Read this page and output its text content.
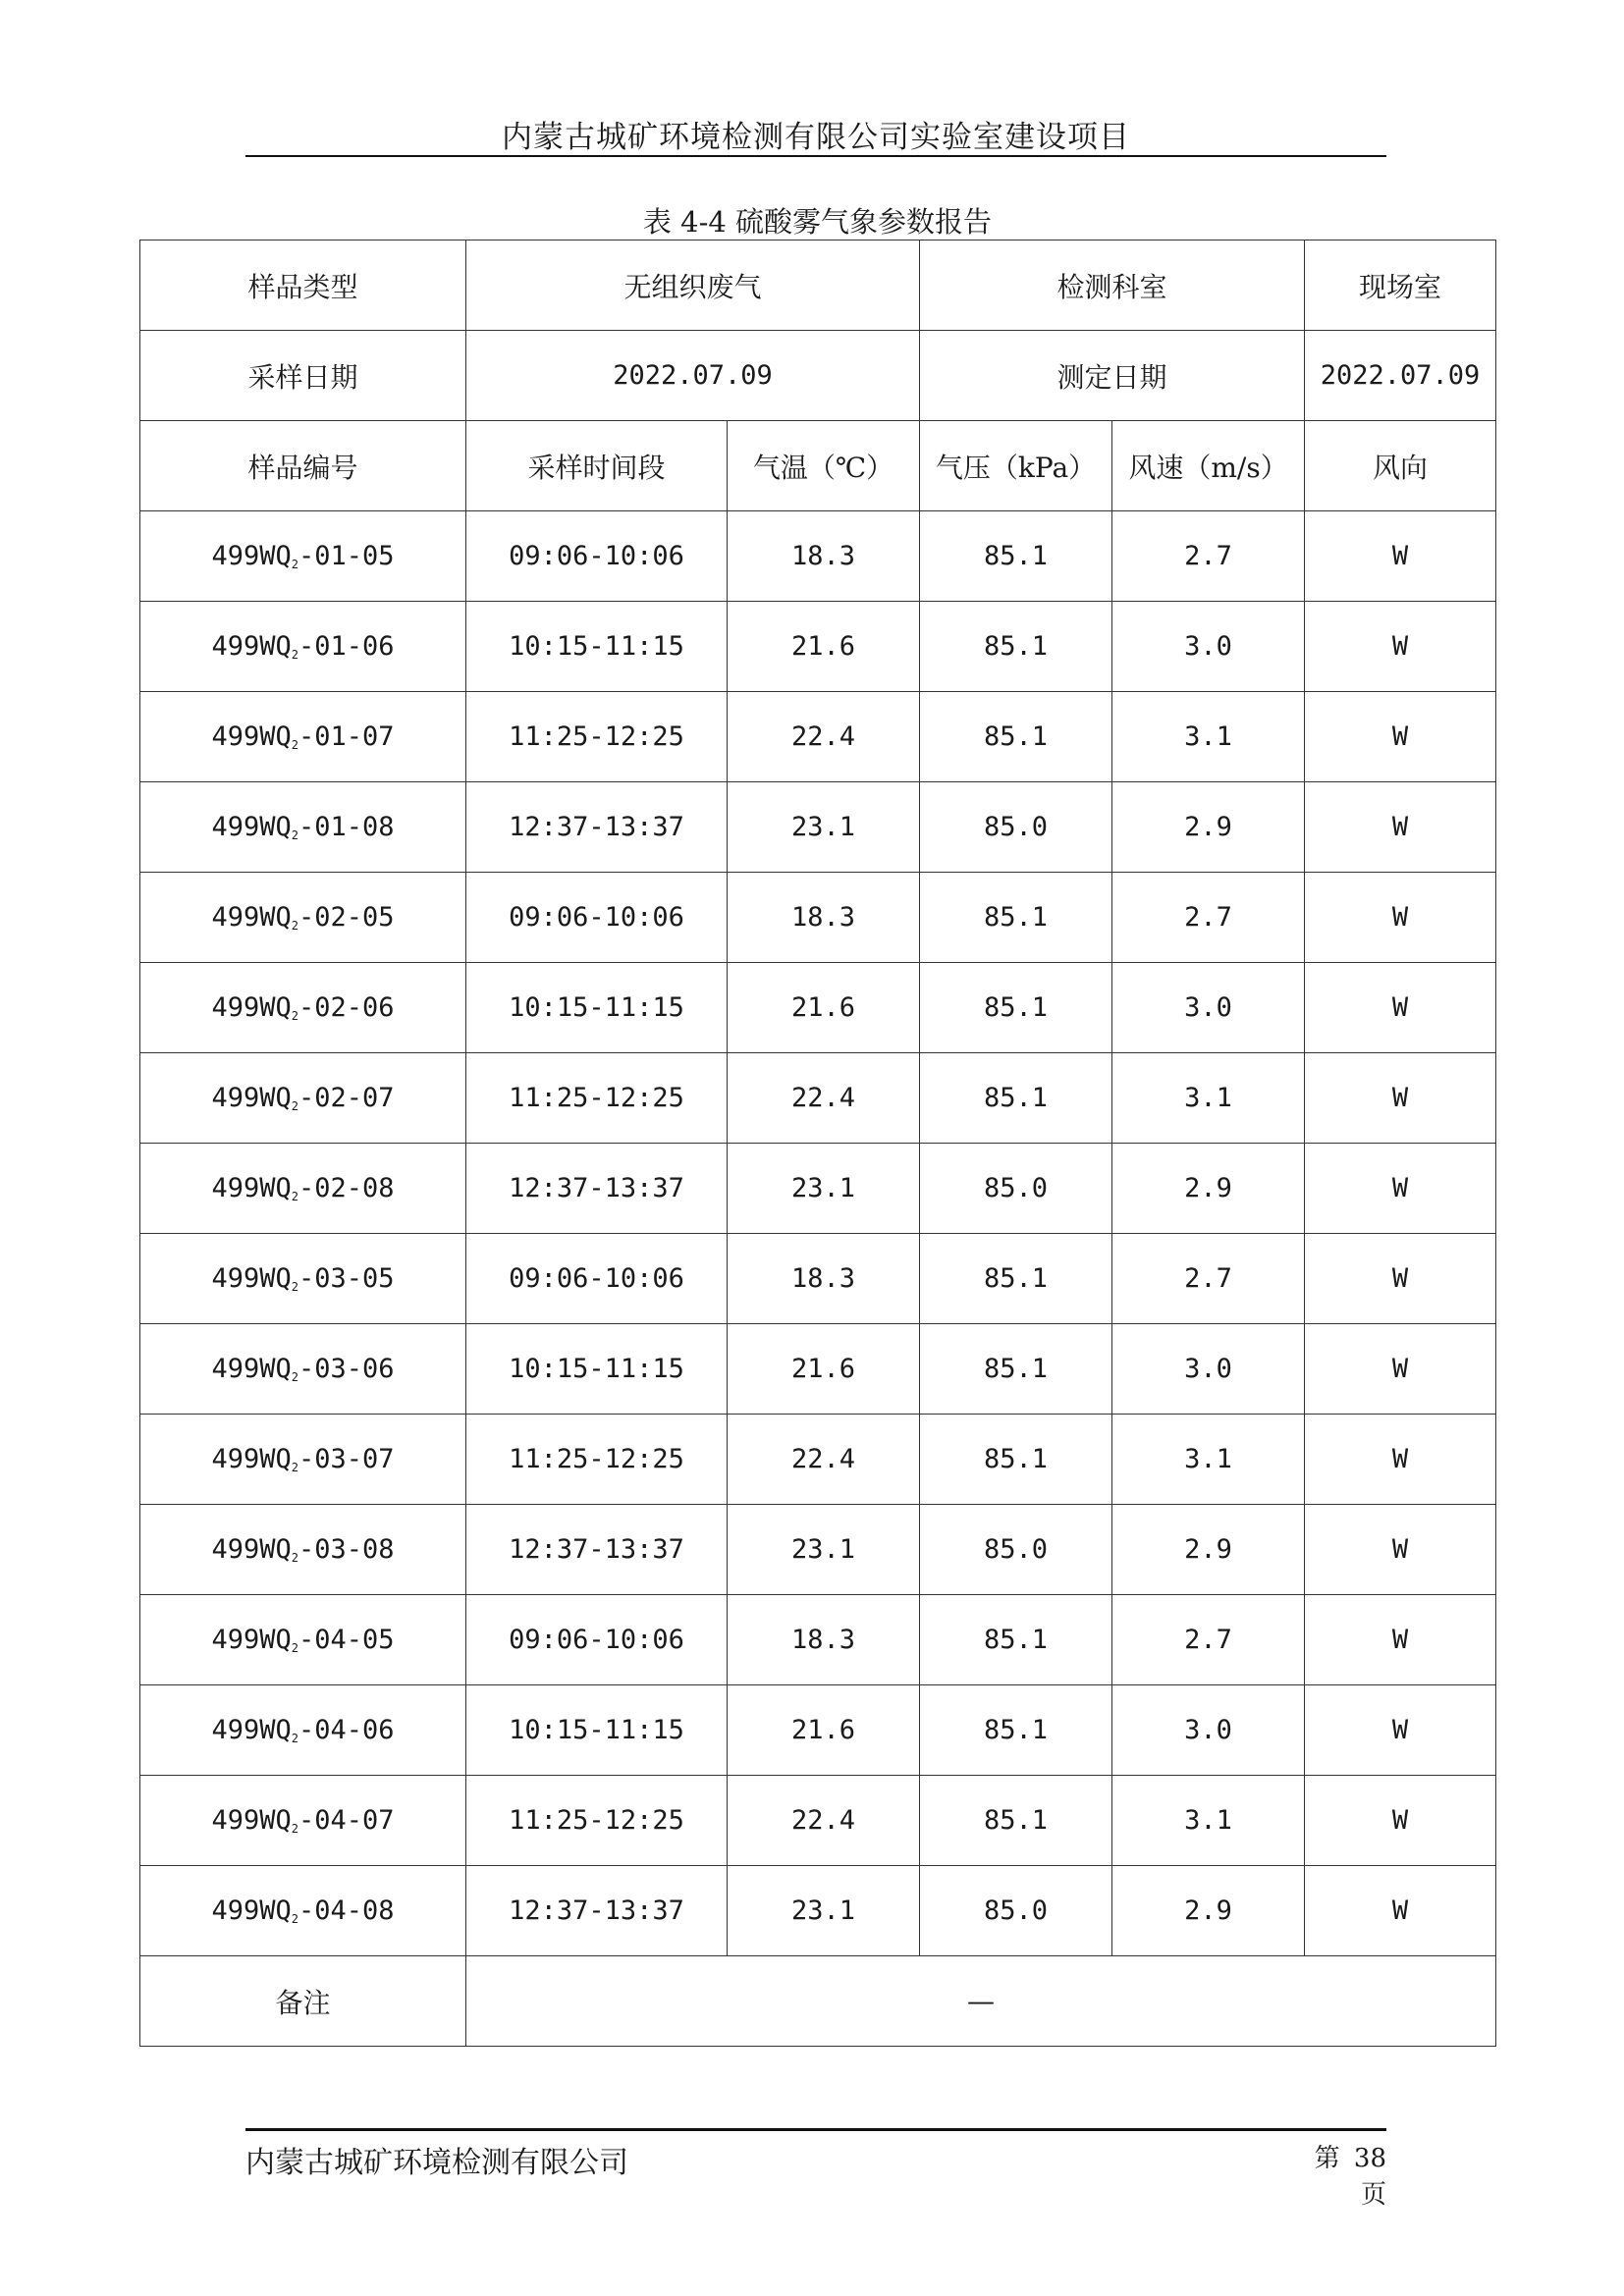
内蒙古城矿环境检测有限公司实验室建设项目
表 4-4 硫酸雾气象参数报告
样品类型	无组织废气		检测科室		现场室
采样日期	2022.07.09		测定日期		2022.07.09
样品编号	采样时间段	气温（℃）	气压（kPa）	风速（m/s）	风向
$499WQ_2-01-05$	09:06-10:06	18.3	85.1	2.7	W
$499WQ_2-01-06$	10:15-11:15	21.6	85.1	3.0	W
$499WQ_2-01-07$	11:25-12:25	22.4	85.1	3.1	W
$499WQ_2-01-08$	12:37-13:37	23.1	85.0	2.9	W
$499WQ_2-02-05$	09:06-10:06	18.3	85.1	2.7	W
$499WQ_2-02-06$	10:15-11:15	21.6	85.1	3.0	W
$499WQ_2-02-07$	11:25-12:25	22.4	85.1	3.1	W
$499WQ_2-02-08$	12:37-13:37	23.1	85.0	2.9	W
$499WQ_2-03-05$	09:06-10:06	18.3	85.1	2.7	W
$499WQ_2-03-06$	10:15-11:15	21.6	85.1	3.0	W
$499WQ_2-03-07$	11:25-12:25	22.4	85.1	3.1	W
$499WQ_2-03-08$	12:37-13:37	23.1	85.0	2.9	W
$499WQ_2-04-05$	09:06-10:06	18.3	85.1	2.7	W
$499WQ_2-04-06$	10:15-11:15	21.6	85.1	3.0	W
$499WQ_2-04-07$	11:25-12:25	22.4	85.1	3.1	W
$499WQ_2-04-08$	12:37-13:37	23.1	85.0	2.9	W
备注	—				
内蒙古城矿环境检测有限公司	第 38 页
